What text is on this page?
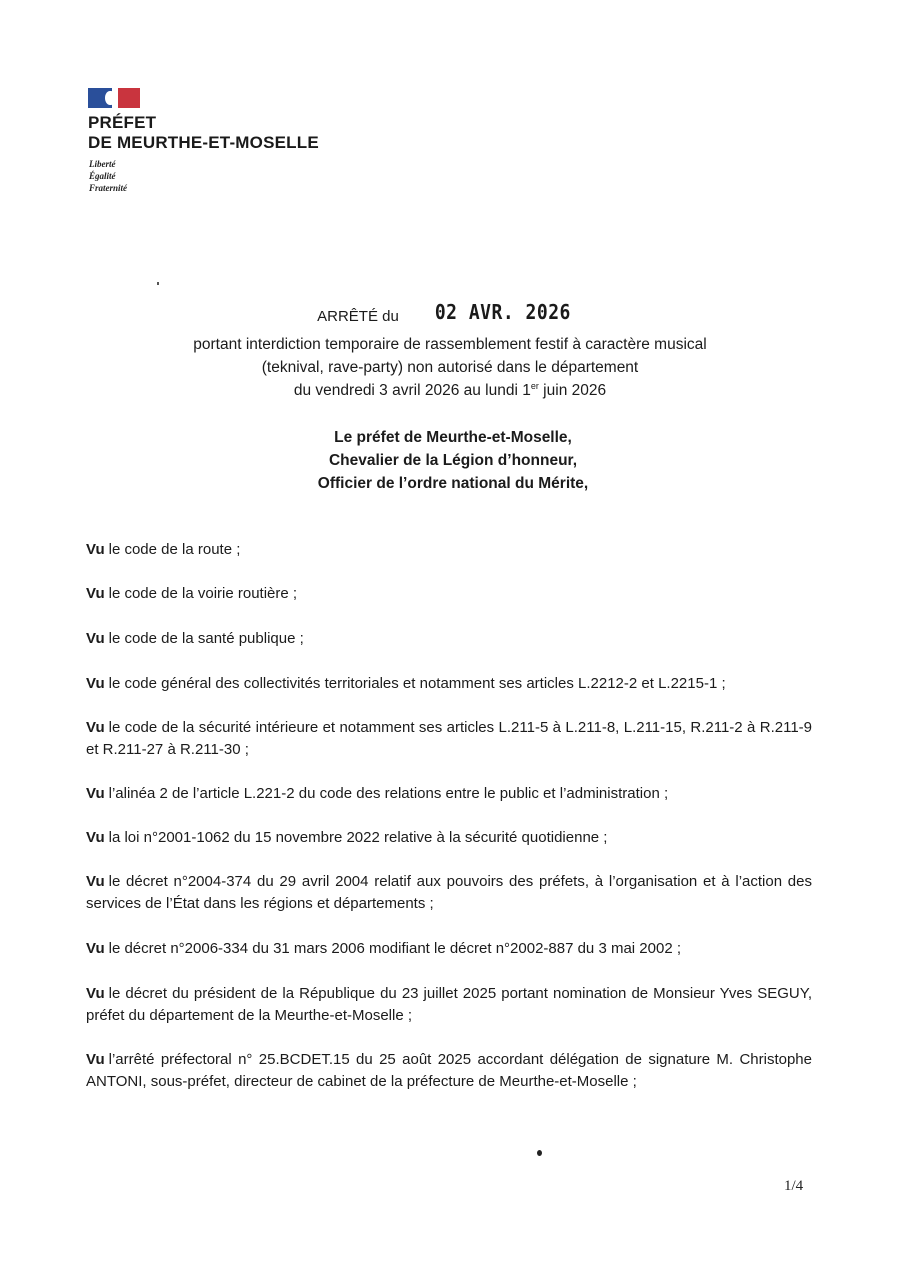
PRÉFET
DE MEURTHE-ET-MOSELLE
Liberté
Égalité
Fraternité
ARRÊTÉ du 02 AVR. 2026
portant interdiction temporaire de rassemblement festif à caractère musical
(teknival, rave-party) non autorisé dans le département
du vendredi 3 avril 2026 au lundi 1er juin 2026
Le préfet de Meurthe-et-Moselle,
Chevalier de la Légion d’honneur,
Officier de l’ordre national du Mérite,
Vu le code de la route ;
Vu le code de la voirie routière ;
Vu le code de la santé publique ;
Vu le code général des collectivités territoriales et notamment ses articles L.2212-2 et L.2215-1 ;
Vu le code de la sécurité intérieure et notamment ses articles L.211-5 à L.211-8, L.211-15, R.211-2 à R.211-9 et R.211-27 à R.211-30 ;
Vu l’alinéa 2 de l’article L.221-2 du code des relations entre le public et l’administration ;
Vu la loi n°2001-1062 du 15 novembre 2022 relative à la sécurité quotidienne ;
Vu le décret n°2004-374 du 29 avril 2004 relatif aux pouvoirs des préfets, à l’organisation et à l’action des services de l’État dans les régions et départements ;
Vu le décret n°2006-334 du 31 mars 2006 modifiant le décret n°2002-887 du 3 mai 2002 ;
Vu le décret du président de la République du 23 juillet 2025 portant nomination de Monsieur Yves SEGUY, préfet du département de la Meurthe-et-Moselle ;
Vu l’arrêté préfectoral n° 25.BCDET.15 du 25 août 2025 accordant délégation de signature M. Christophe ANTONI, sous-préfet, directeur de cabinet de la préfecture de Meurthe-et-Moselle ;
1/4
